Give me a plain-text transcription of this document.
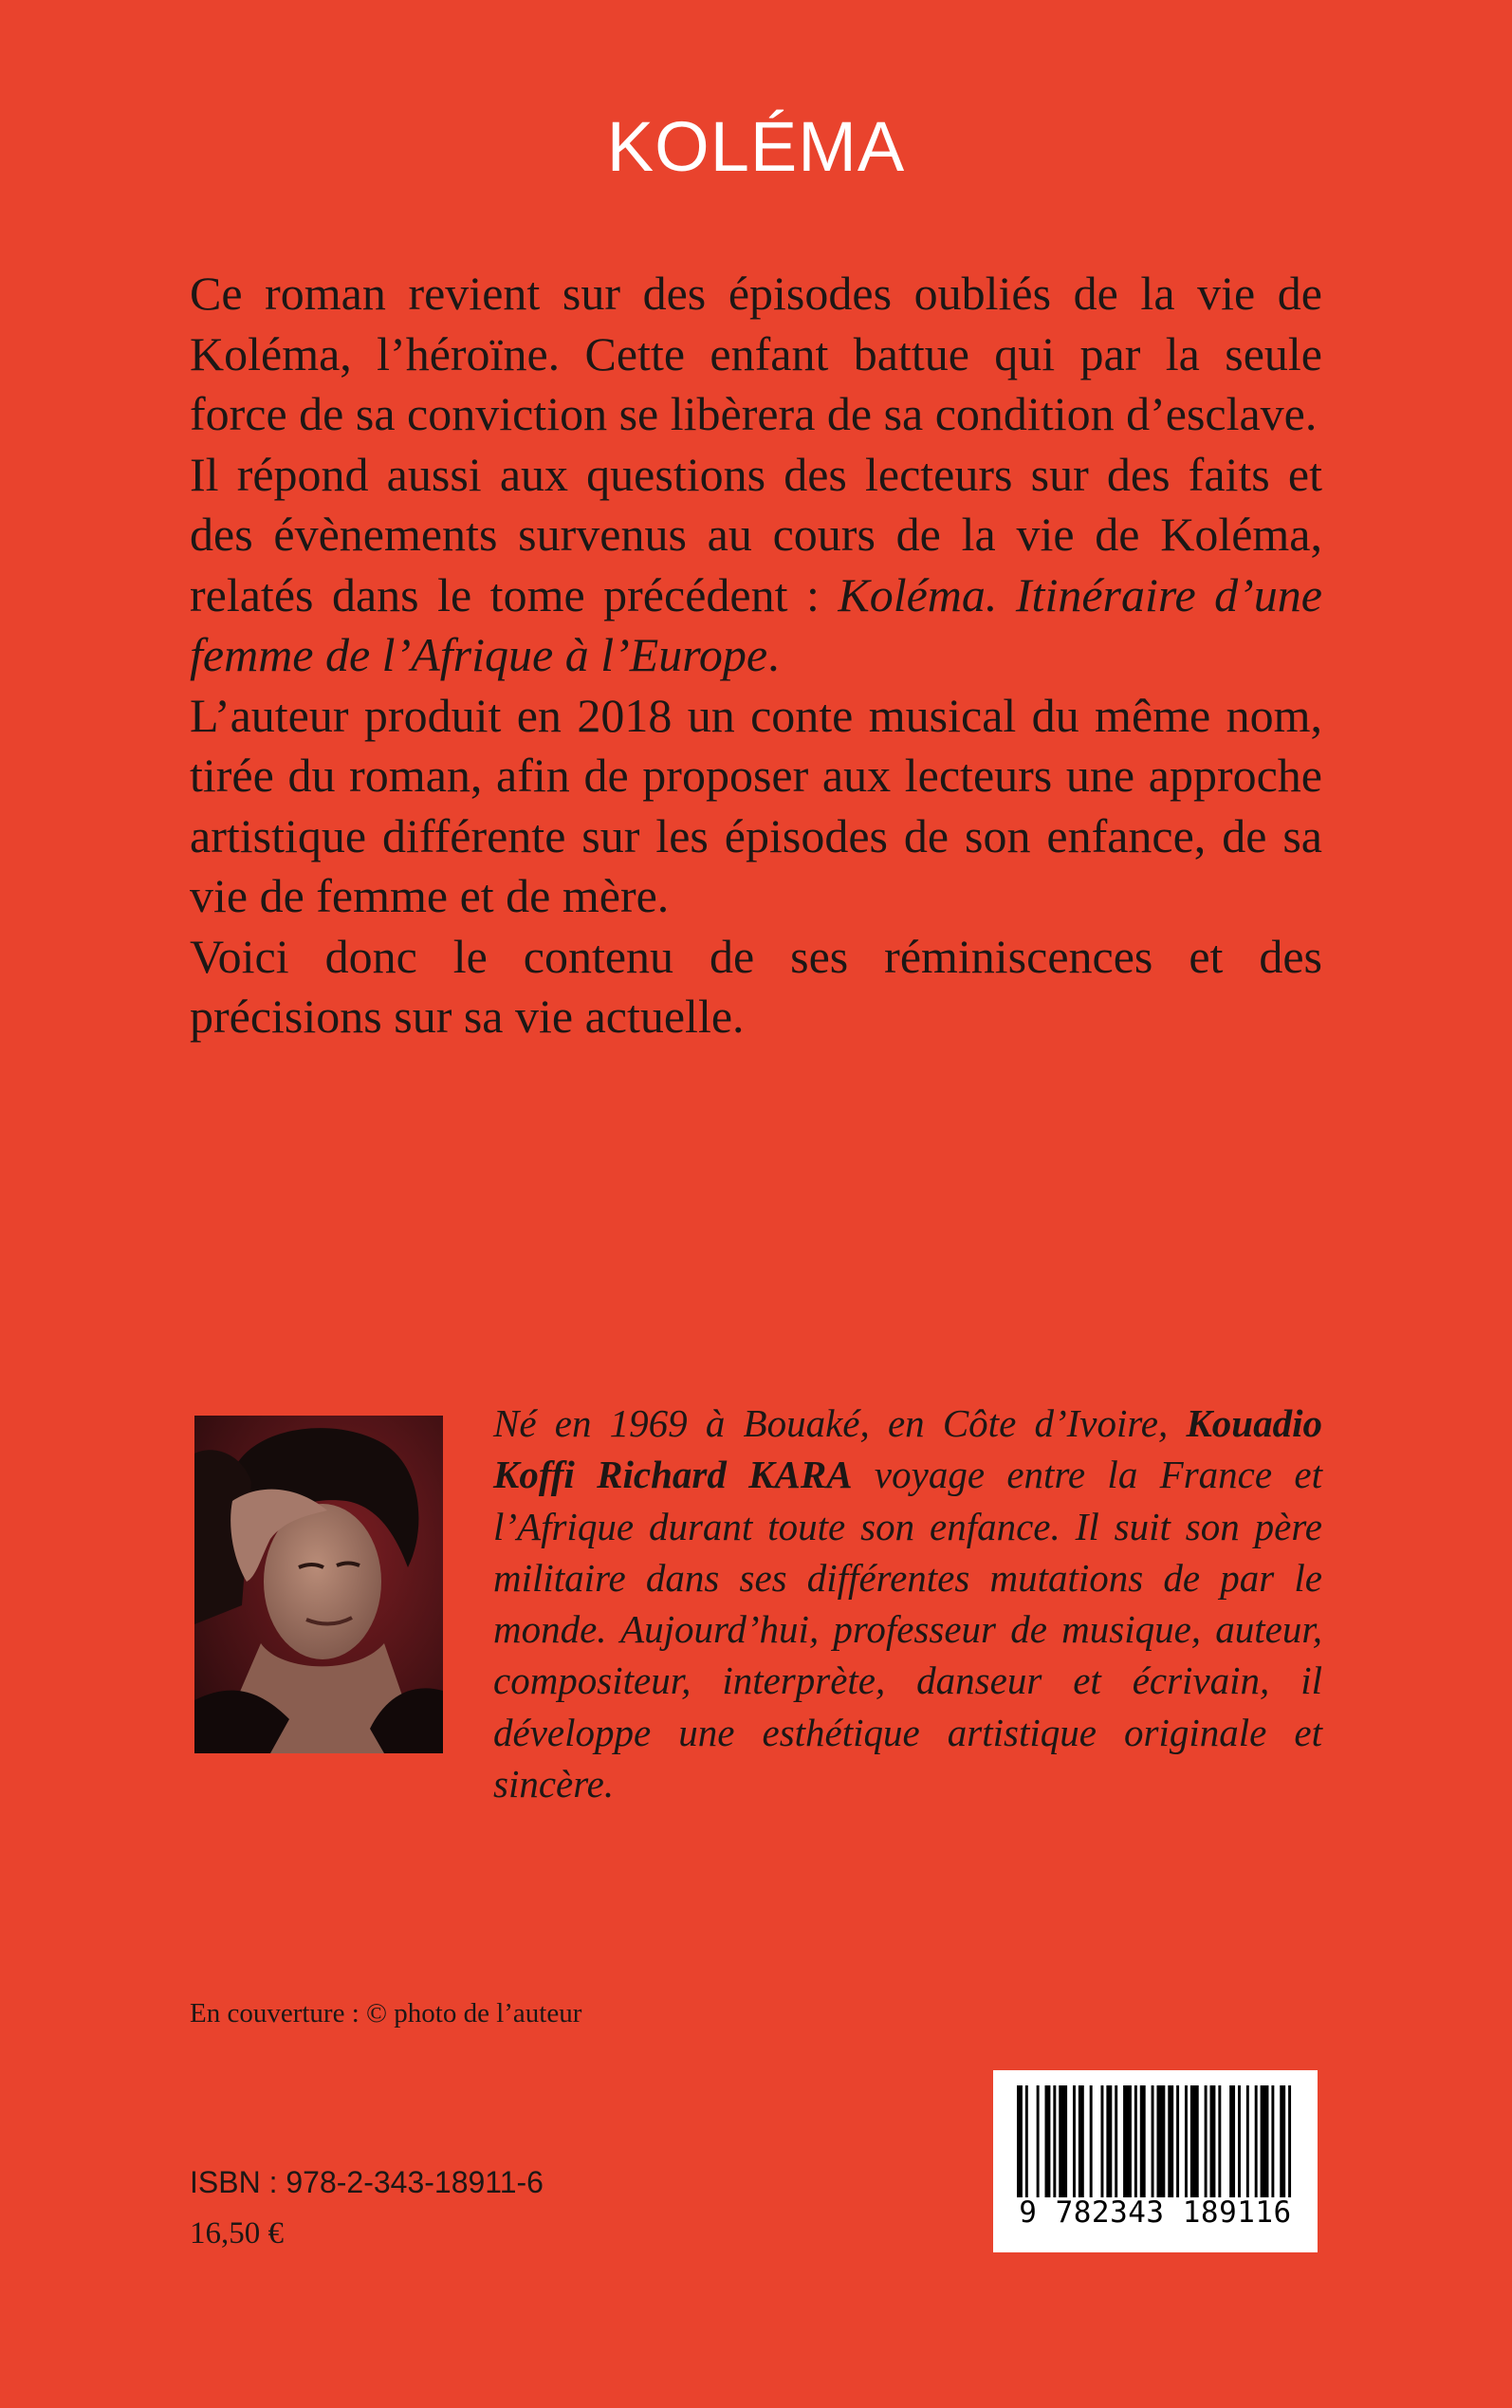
KOLÉMA

Ce roman revient sur des épisodes oubliés de la vie de Koléma, l’héroïne. Cette enfant battue qui par la seule force de sa conviction se libèrera de sa condition d’esclave.

Il répond aussi aux questions des lecteurs sur des faits et des évènements survenus au cours de la vie de Koléma, relatés dans le tome précédent : Koléma. Itinéraire d’une femme de l’Afrique à l’Europe.

L’auteur produit en 2018 un conte musical du même nom, tirée du roman, afin de proposer aux lecteurs une approche artistique différente sur les épisodes de son enfance, de sa vie de femme et de mère.

Voici donc le contenu de ses réminiscences et des précisions sur sa vie actuelle.

Né en 1969 à Bouaké, en Côte d’Ivoire, Kouadio Koffi Richard KARA voyage entre la France et l’Afrique durant toute son enfance. Il suit son père militaire dans ses différentes mutations de par le monde. Aujourd’hui, professeur de musique, auteur, compositeur, interprète, danseur et écrivain, il développe une esthétique artistique originale et sincère.

En couverture : © photo de l’auteur

ISBN : 978-2-343-18911-6

16,50 €

9 782343 189116
